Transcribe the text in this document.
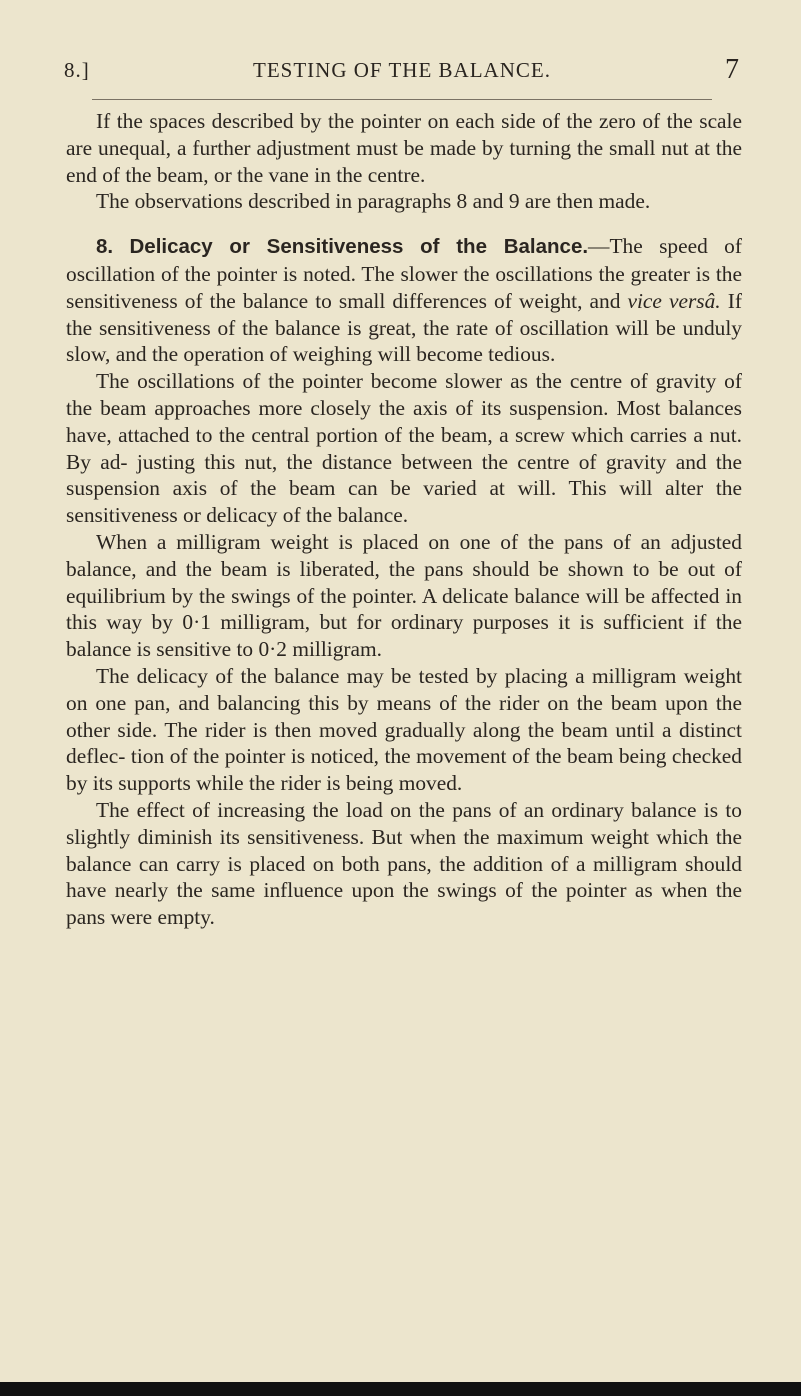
8.]	TESTING OF THE BALANCE.	7

If the spaces described by the pointer on each side of the zero of the scale are unequal, a further adjustment must be made by turning the small nut at the end of the beam, or the vane in the centre.

The observations described in paragraphs 8 and 9 are then made.

8. Delicacy or Sensitiveness of the Balance.—The speed of oscillation of the pointer is noted. The slower the oscillations the greater is the sensitiveness of the balance to small differences of weight, and vice versâ. If the sensitiveness of the balance is great, the rate of oscillation will be unduly slow, and the operation of weighing will become tedious.

The oscillations of the pointer become slower as the centre of gravity of the beam approaches more closely the axis of its suspension. Most balances have, attached to the central portion of the beam, a screw which carries a nut. By ad- justing this nut, the distance between the centre of gravity and the suspension axis of the beam can be varied at will. This will alter the sensitiveness or delicacy of the balance.

When a milligram weight is placed on one of the pans of an adjusted balance, and the beam is liberated, the pans should be shown to be out of equilibrium by the swings of the pointer. A delicate balance will be affected in this way by 0·1 milligram, but for ordinary purposes it is sufficient if the balance is sensitive to 0·2 milligram.

The delicacy of the balance may be tested by placing a milligram weight on one pan, and balancing this by means of the rider on the beam upon the other side. The rider is then moved gradually along the beam until a distinct deflec- tion of the pointer is noticed, the movement of the beam being checked by its supports while the rider is being moved.

The effect of increasing the load on the pans of an ordinary balance is to slightly diminish its sensitiveness. But when the maximum weight which the balance can carry is placed on both pans, the addition of a milligram should have nearly the same influence upon the swings of the pointer as when the pans were empty.
